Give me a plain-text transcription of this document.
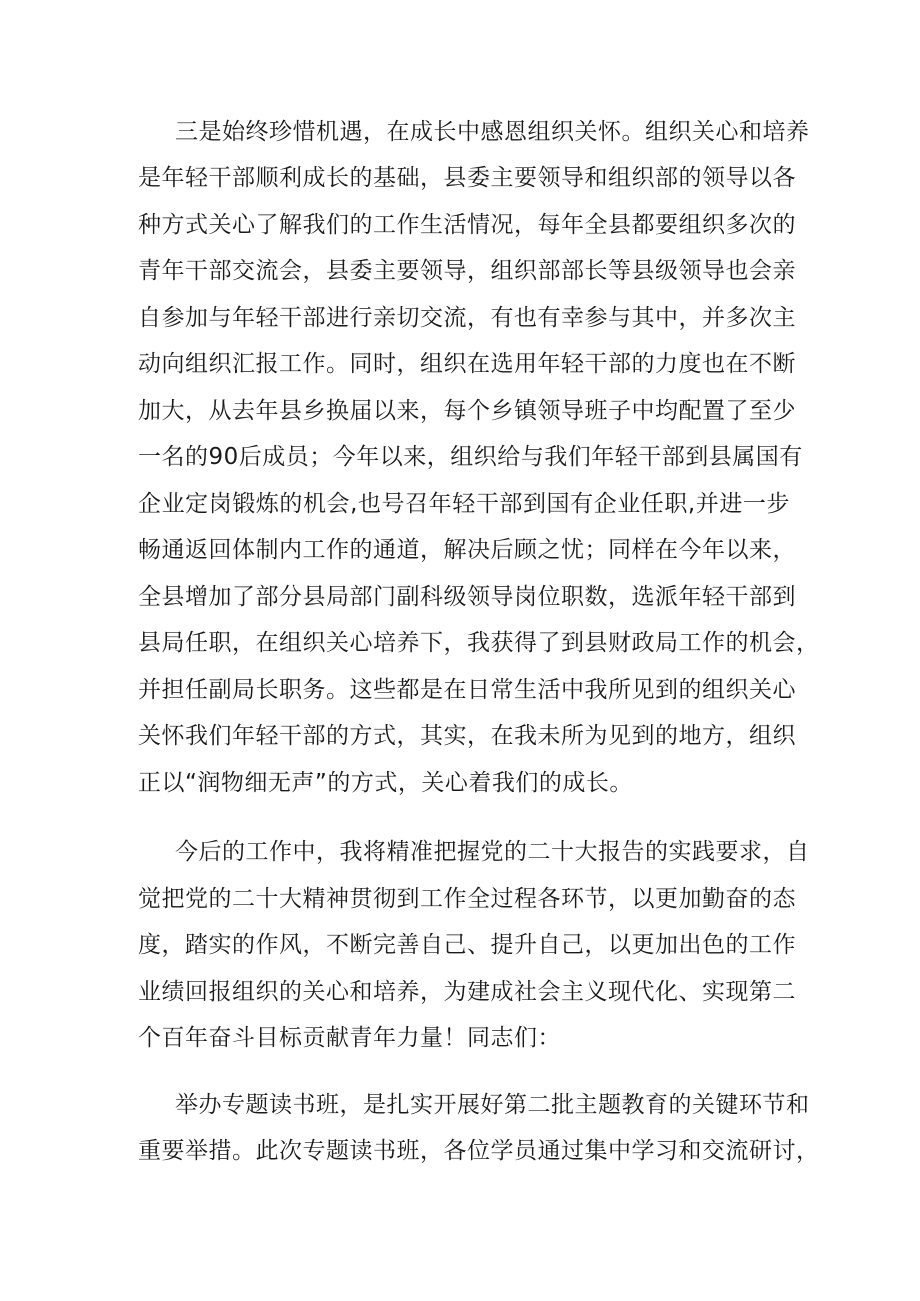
三是始终珍惜机遇，在成长中感恩组织关怀。组织关心和培养
是年轻干部顺利成长的基础，县委主要领导和组织部的领导以各
种方式关心了解我们的工作生活情况，每年全县都要组织多次的
青年干部交流会，县委主要领导，组织部部长等县级领导也会亲
自参加与年轻干部进行亲切交流，有也有幸参与其中，并多次主
动向组织汇报工作。同时，组织在选用年轻干部的力度也在不断
加大，从去年县乡换届以来，每个乡镇领导班子中均配置了至少
一名的90后成员；今年以来，组织给与我们年轻干部到县属国有
企业定岗锻炼的机会,也号召年轻干部到国有企业任职,并进一步
畅通返回体制内工作的通道，解决后顾之忧；同样在今年以来，
全县增加了部分县局部门副科级领导岗位职数，选派年轻干部到
县局任职，在组织关心培养下，我获得了到县财政局工作的机会，
并担任副局长职务。这些都是在日常生活中我所见到的组织关心
关怀我们年轻干部的方式，其实，在我未所为见到的地方，组织
正以“润物细无声”的方式，关心着我们的成长。
今后的工作中，我将精准把握党的二十大报告的实践要求，自
觉把党的二十大精神贯彻到工作全过程各环节，以更加勤奋的态
度，踏实的作风，不断完善自己、提升自己，以更加出色的工作
业绩回报组织的关心和培养，为建成社会主义现代化、实现第二
个百年奋斗目标贡献青年力量！同志们：
举办专题读书班，是扎实开展好第二批主题教育的关键环节和
重要举措。此次专题读书班，各位学员通过集中学习和交流研讨，
